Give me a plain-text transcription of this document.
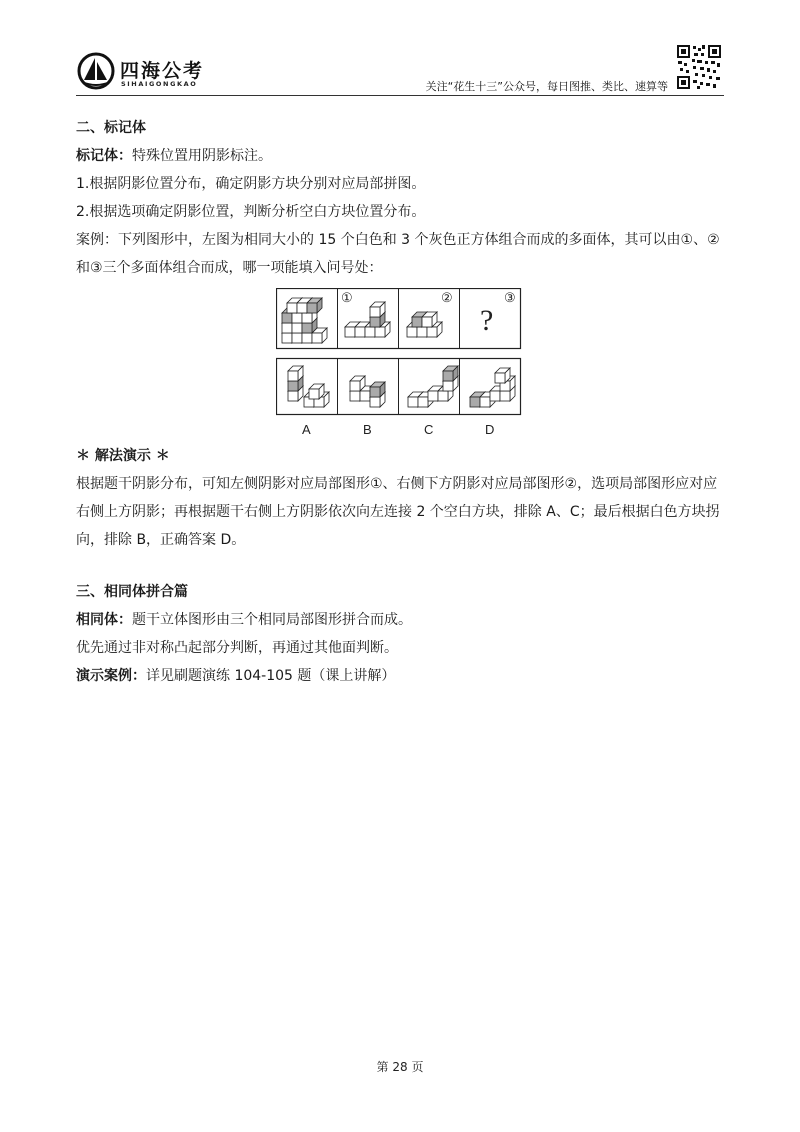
四海公考
SIHAIGONGKAO	关注“花生十三”公众号，每日图推、类比、速算等

二、标记体

标记体：特殊位置用阴影标注。

1.根据阴影位置分布，确定阴影方块分别对应局部拼图。

2.根据选项确定阴影位置，判断分析空白方块位置分布。

案例：下列图形中，左图为相同大小的 15 个白色和 3 个灰色正方体组合而成的多面体，其可以由①、②和③三个多面体组合而成，哪一项能填入问号处：

①	②
?
③
A	B	C	D

＊ 解法演示 ＊

根据题干阴影分布，可知左侧阴影对应局部图形①、右侧下方阴影对应局部图形②，选项局部图形应对应右侧上方阴影；再根据题干右侧上方阴影依次向左连接 2 个空白方块，排除 A、C；最后根据白色方块拐向，排除 B，正确答案 D。

三、相同体拼合篇

相同体：题干立体图形由三个相同局部图形拼合而成。

优先通过非对称凸起部分判断，再通过其他面判断。

演示案例：详见刷题演练 104-105 题（课上讲解）

第 28 页
